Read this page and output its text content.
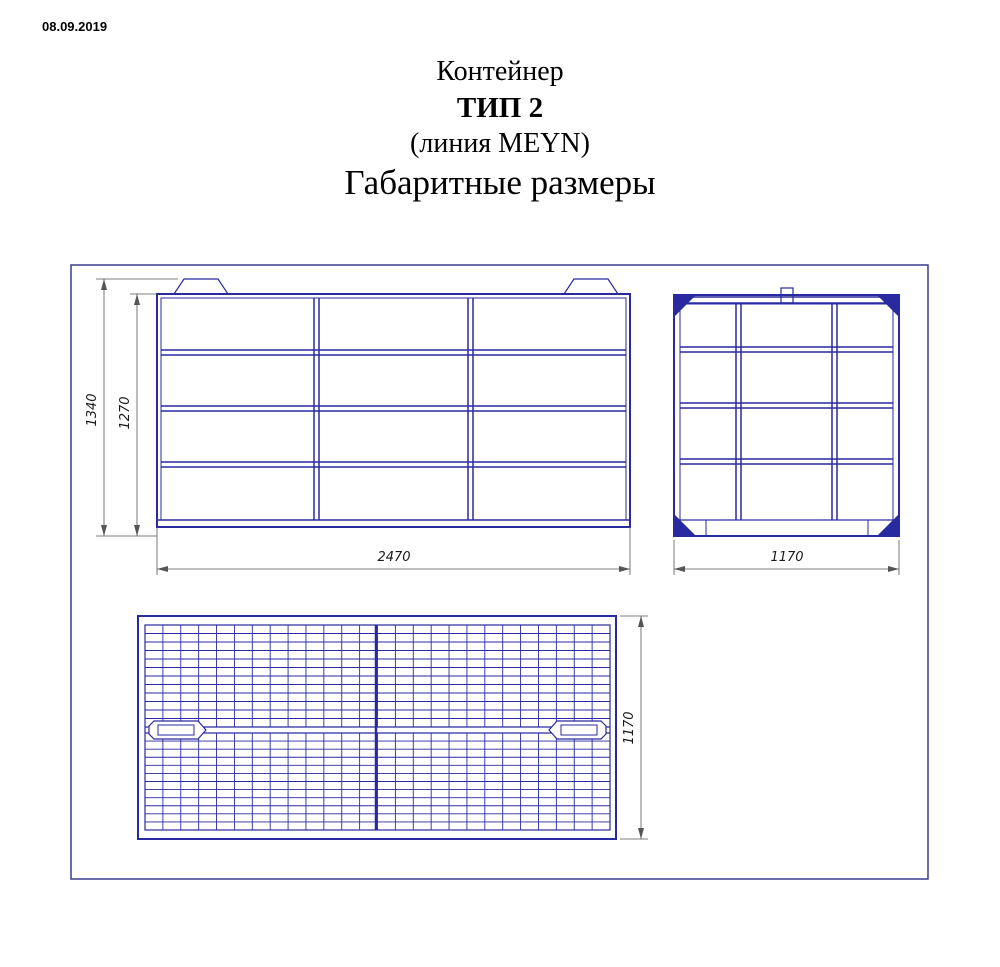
08.09.2019
Контейнер
ТИП 2
(линия MEYN)
Габаритные размеры
1340 1270
2470	1170
1170
